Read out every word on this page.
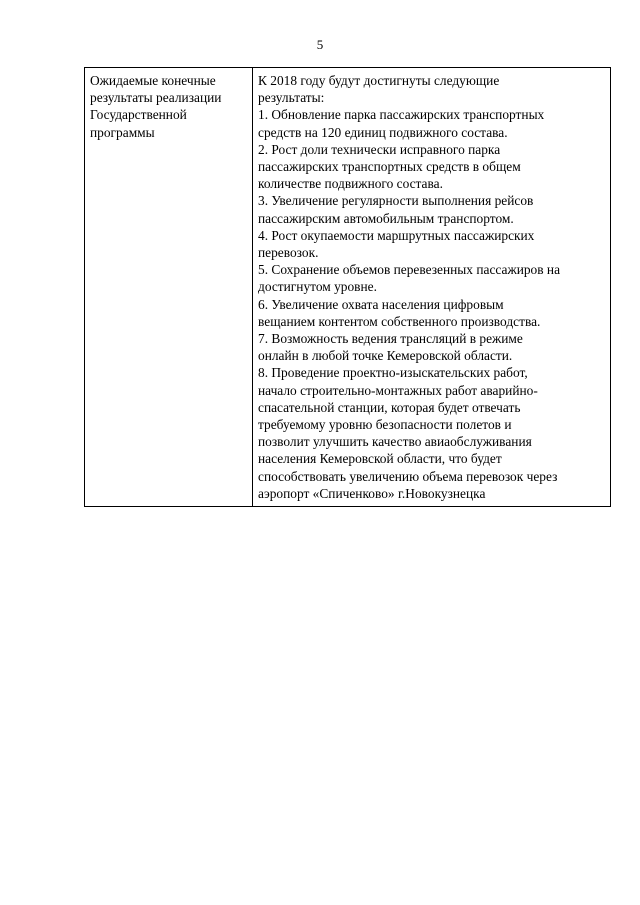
5
Ожидаемые конечные
результаты реализации
Государственной
программы

К 2018 году будут достигнуты следующие
результаты:
1. Обновление парка пассажирских транспортных
средств на 120 единиц подвижного состава.
2. Рост доли технически исправного парка
пассажирских транспортных средств в общем
количестве подвижного состава.
3. Увеличение регулярности выполнения рейсов
пассажирским автомобильным транспортом.
4. Рост окупаемости маршрутных пассажирских
перевозок.
5. Сохранение объемов перевезенных пассажиров на
достигнутом уровне.
6. Увеличение охвата населения цифровым
вещанием контентом собственного производства.
7. Возможность ведения трансляций в режиме
онлайн в любой точке Кемеровской области.
8. Проведение проектно-изыскательских работ,
начало строительно-монтажных работ аварийно-
спасательной станции, которая будет отвечать
требуемому уровню безопасности полетов и
позволит улучшить качество авиаобслуживания
населения Кемеровской области, что будет
способствовать увеличению объема перевозок через
аэропорт «Спиченково» г.Новокузнецка
